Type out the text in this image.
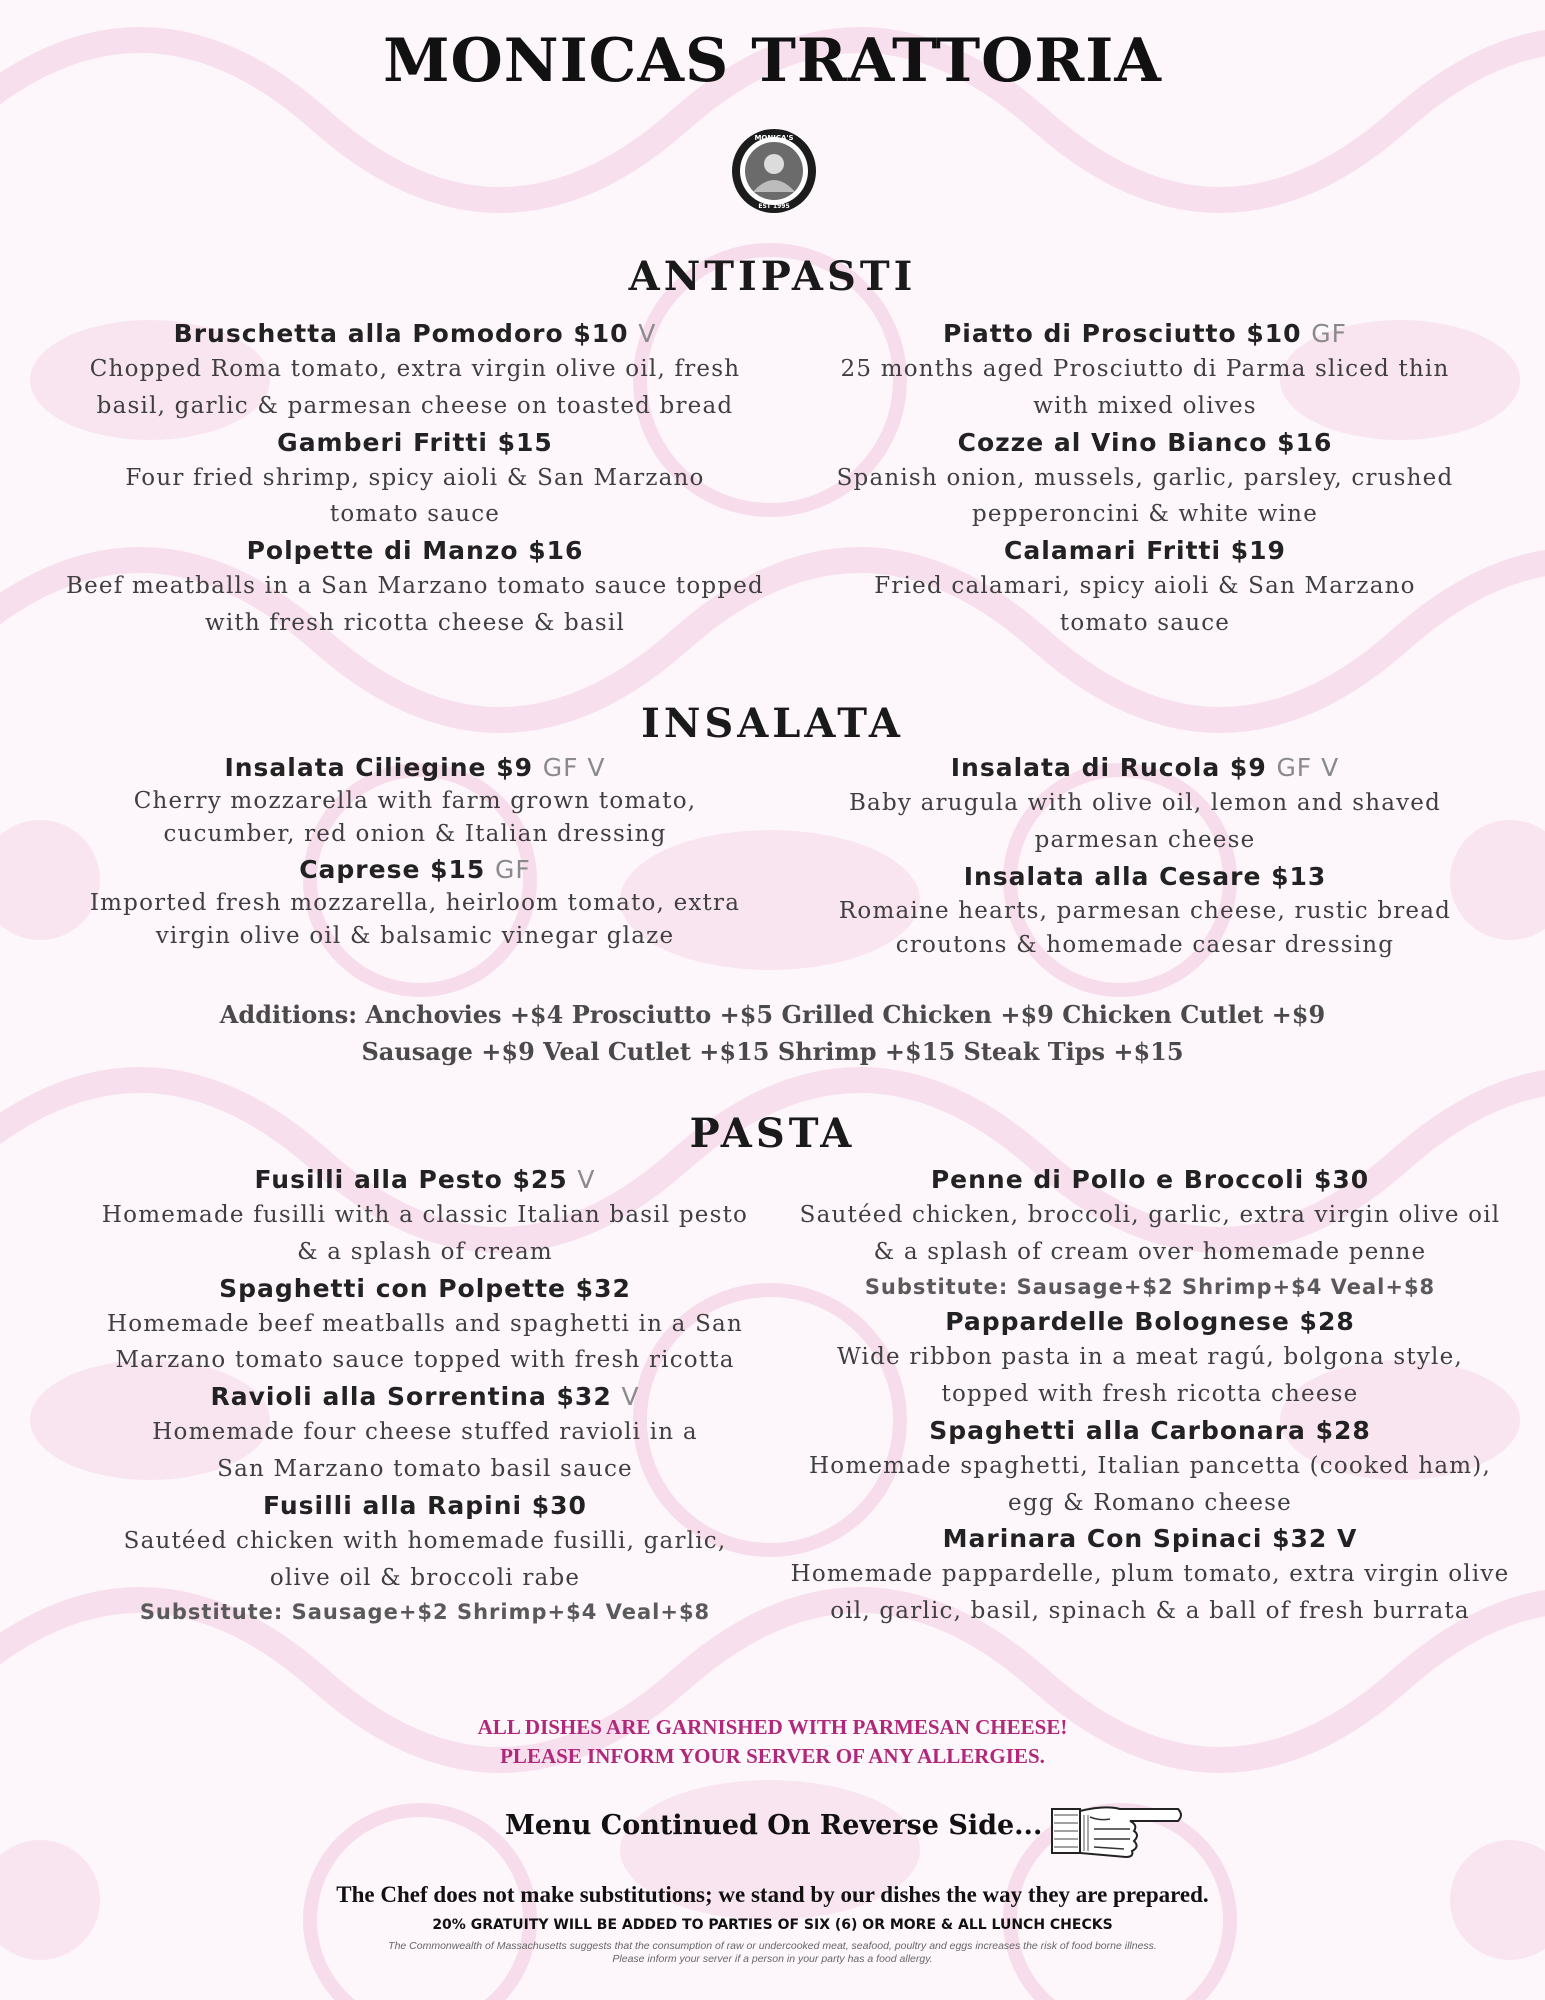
MONICAS TRATTORIA
MONICA'S
EST 1995
ANTIPASTI
Bruschetta alla Pomodoro $10 V
Chopped Roma tomato, extra virgin olive oil, fresh
basil, garlic & parmesan cheese on toasted bread
Gamberi Fritti $15
Four fried shrimp, spicy aioli & San Marzano
tomato sauce
Polpette di Manzo $16
Beef meatballs in a San Marzano tomato sauce topped
with fresh ricotta cheese & basil
Piatto di Prosciutto $10 GF
25 months aged Prosciutto di Parma sliced thin
with mixed olives
Cozze al Vino Bianco $16
Spanish onion, mussels, garlic, parsley, crushed
pepperoncini & white wine
Calamari Fritti $19
Fried calamari, spicy aioli & San Marzano
tomato sauce
INSALATA
Insalata Ciliegine $9 GF V
Cherry mozzarella with farm grown tomato,
cucumber, red onion & Italian dressing
Caprese $15 GF
Imported fresh mozzarella, heirloom tomato, extra
virgin olive oil & balsamic vinegar glaze
Insalata di Rucola $9 GF V
Baby arugula with olive oil, lemon and shaved
parmesan cheese
Insalata alla Cesare $13
Romaine hearts, parmesan cheese, rustic bread
croutons & homemade caesar dressing
Additions: Anchovies +$4 Prosciutto +$5 Grilled Chicken +$9 Chicken Cutlet +$9
Sausage +$9 Veal Cutlet +$15 Shrimp +$15 Steak Tips +$15
PASTA
Fusilli alla Pesto $25 V
Homemade fusilli with a classic Italian basil pesto
& a splash of cream
Spaghetti con Polpette $32
Homemade beef meatballs and spaghetti in a San
Marzano tomato sauce topped with fresh ricotta
Ravioli alla Sorrentina $32 V
Homemade four cheese stuffed ravioli in a
San Marzano tomato basil sauce
Fusilli alla Rapini $30
Sautéed chicken with homemade fusilli, garlic,
olive oil & broccoli rabe
Substitute: Sausage+$2 Shrimp+$4 Veal+$8
Penne di Pollo e Broccoli $30
Sautéed chicken, broccoli, garlic, extra virgin olive oil
& a splash of cream over homemade penne
Substitute: Sausage+$2 Shrimp+$4 Veal+$8
Pappardelle Bolognese $28
Wide ribbon pasta in a meat ragú, bolgona style,
topped with fresh ricotta cheese
Spaghetti alla Carbonara $28
Homemade spaghetti, Italian pancetta (cooked ham),
egg & Romano cheese
Marinara Con Spinaci $32 V
Homemade pappardelle, plum tomato, extra virgin olive
oil, garlic, basil, spinach & a ball of fresh burrata
ALL DISHES ARE GARNISHED WITH PARMESAN CHEESE!
PLEASE INFORM YOUR SERVER OF ANY ALLERGIES.
Menu Continued On Reverse Side...
The Chef does not make substitutions; we stand by our dishes the way they are prepared.
20% GRATUITY WILL BE ADDED TO PARTIES OF SIX (6) OR MORE & ALL LUNCH CHECKS
The Commonwealth of Massachusetts suggests that the consumption of raw or undercooked meat, seafood, poultry and eggs increases the risk of food borne illness.
Please inform your server if a person in your party has a food allergy.
